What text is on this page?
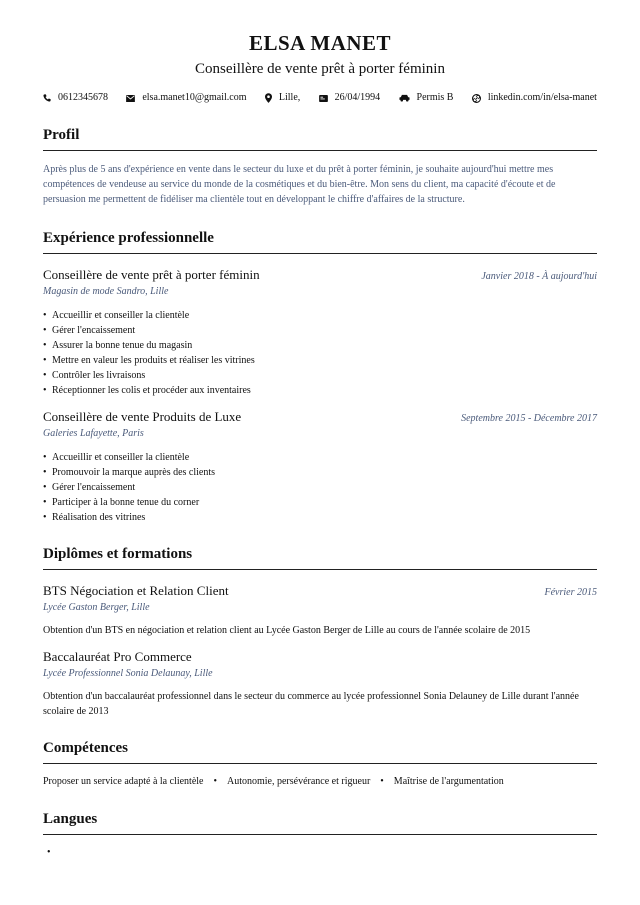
ELSA MANET
Conseillère de vente prêt à porter féminin
0612345678	elsa.manet10@gmail.com	Lille,	26/04/1994	Permis B	linkedin.com/in/elsa-manet
Profil
Après plus de 5 ans d'expérience en vente dans le secteur du luxe et du prêt à porter féminin, je souhaite aujourd'hui mettre mes compétences de vendeuse au service du monde de la cosmétiques et du bien-être. Mon sens du client, ma capacité d'écoute et de persuasion me permettent de fidéliser ma clientèle tout en développant le chiffre d'affaires de la structure.
Expérience professionnelle
Conseillère de vente prêt à porter féminin	Janvier 2018 - À aujourd'hui
Magasin de mode Sandro, Lille
• Accueillir et conseiller la clientèle
• Gérer l'encaissement
• Assurer la bonne tenue du magasin
• Mettre en valeur les produits et réaliser les vitrines
• Contrôler les livraisons
• Réceptionner les colis et procéder aux inventaires
Conseillère de vente Produits de Luxe	Septembre 2015 - Décembre 2017
Galeries Lafayette, Paris
• Accueillir et conseiller la clientèle
• Promouvoir la marque auprès des clients
• Gérer l'encaissement
• Participer à la bonne tenue du corner
• Réalisation des vitrines
Diplômes et formations
BTS Négociation et Relation Client	Février 2015
Lycée Gaston Berger, Lille
Obtention d'un BTS en négociation et relation client au Lycée Gaston Berger de Lille au cours de l'année scolaire de 2015
Baccalauréat Pro Commerce
Lycée Professionnel Sonia Delaunay, Lille
Obtention d'un baccalauréat professionnel dans le secteur du commerce au lycée professionnel Sonia Delauney de Lille durant l'année scolaire de 2013
Compétences
Proposer un service adapté à la clientèle • Autonomie, persévérance et rigueur • Maîtrise de l'argumentation
Langues
•
